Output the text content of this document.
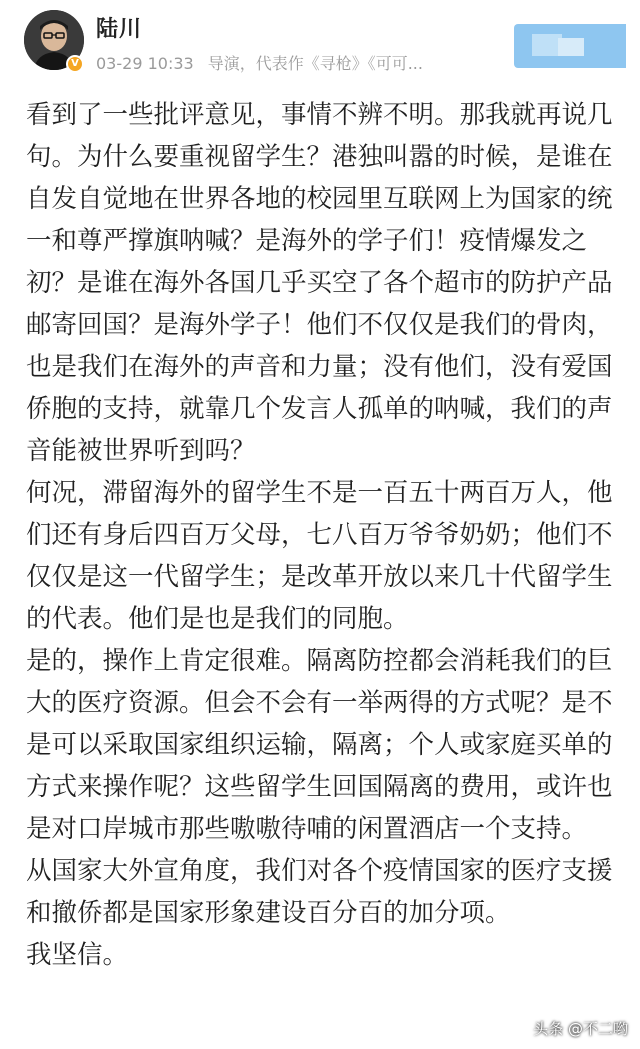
V
陆川
03-29 10:33 导演，代表作《寻枪》《可可...

看到了一些批评意见，事情不辨不明。那我就再说几句。为什么要重视留学生？港独叫嚣的时候，是谁在自发自觉地在世界各地的校园里互联网上为国家的统一和尊严撑旗呐喊？是海外的学子们！疫情爆发之初？是谁在海外各国几乎买空了各个超市的防护产品邮寄回国？是海外学子！他们不仅仅是我们的骨肉，也是我们在海外的声音和力量；没有他们，没有爱国侨胞的支持，就靠几个发言人孤单的呐喊，我们的声音能被世界听到吗？

何况，滞留海外的留学生不是一百五十两百万人，他们还有身后四百万父母，七八百万爷爷奶奶；他们不仅仅是这一代留学生；是改革开放以来几十代留学生的代表。他们是也是我们的同胞。

是的，操作上肯定很难。隔离防控都会消耗我们的巨大的医疗资源。但会不会有一举两得的方式呢？是不是可以采取国家组织运输，隔离；个人或家庭买单的方式来操作呢？这些留学生回国隔离的费用，或许也是对口岸城市那些嗷嗷待哺的闲置酒店一个支持。

从国家大外宣角度，我们对各个疫情国家的医疗支援和撤侨都是国家形象建设百分百的加分项。

我坚信。

头条 @不二哟
